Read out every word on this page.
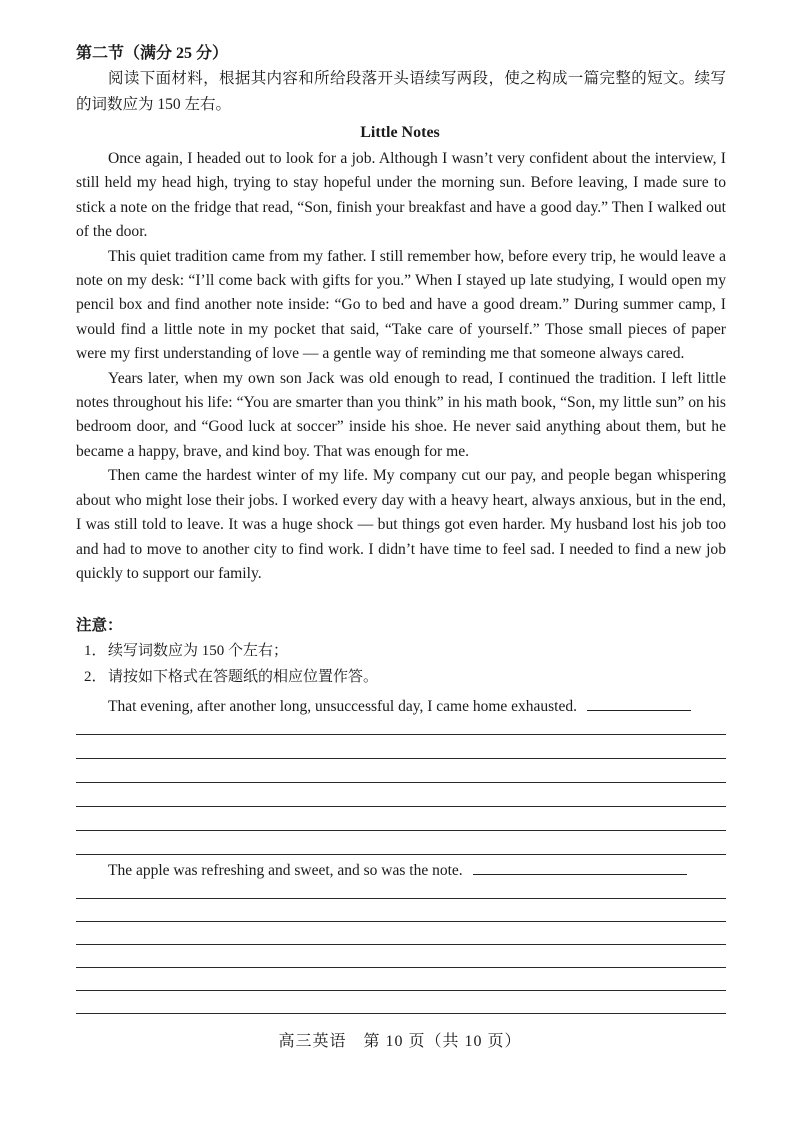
第二节（满分 25 分）
阅读下面材料，根据其内容和所给段落开头语续写两段，使之构成一篇完整的短文。续写的词数应为 150 左右。
Little Notes

Once again, I headed out to look for a job. Although I wasn’t very confident about the interview, I still held my head high, trying to stay hopeful under the morning sun. Before leaving, I made sure to stick a note on the fridge that read, “Son, finish your breakfast and have a good day.” Then I walked out of the door.

This quiet tradition came from my father. I still remember how, before every trip, he would leave a note on my desk: “I’ll come back with gifts for you.” When I stayed up late studying, I would open my pencil box and find another note inside: “Go to bed and have a good dream.” During summer camp, I would find a little note in my pocket that said, “Take care of yourself.” Those small pieces of paper were my first understanding of love — a gentle way of reminding me that someone always cared.

Years later, when my own son Jack was old enough to read, I continued the tradition. I left little notes throughout his life: “You are smarter than you think” in his math book, “Son, my little sun” on his bedroom door, and “Good luck at soccer” inside his shoe. He never said anything about them, but he became a happy, brave, and kind boy. That was enough for me.

Then came the hardest winter of my life. My company cut our pay, and people began whispering about who might lose their jobs. I worked every day with a heavy heart, always anxious, but in the end, I was still told to leave. It was a huge shock — but things got even harder. My husband lost his job too and had to move to another city to find work. I didn’t have time to feel sad. I needed to find a new job quickly to support our family.

注意：
1．续写词数应为 150 个左右；
2．请按如下格式在答题纸的相应位置作答。
That evening, after another long, unsuccessful day, I came home exhausted.
The apple was refreshing and sweet, and so was the note.
高三英语　第 10 页（共 10 页）
